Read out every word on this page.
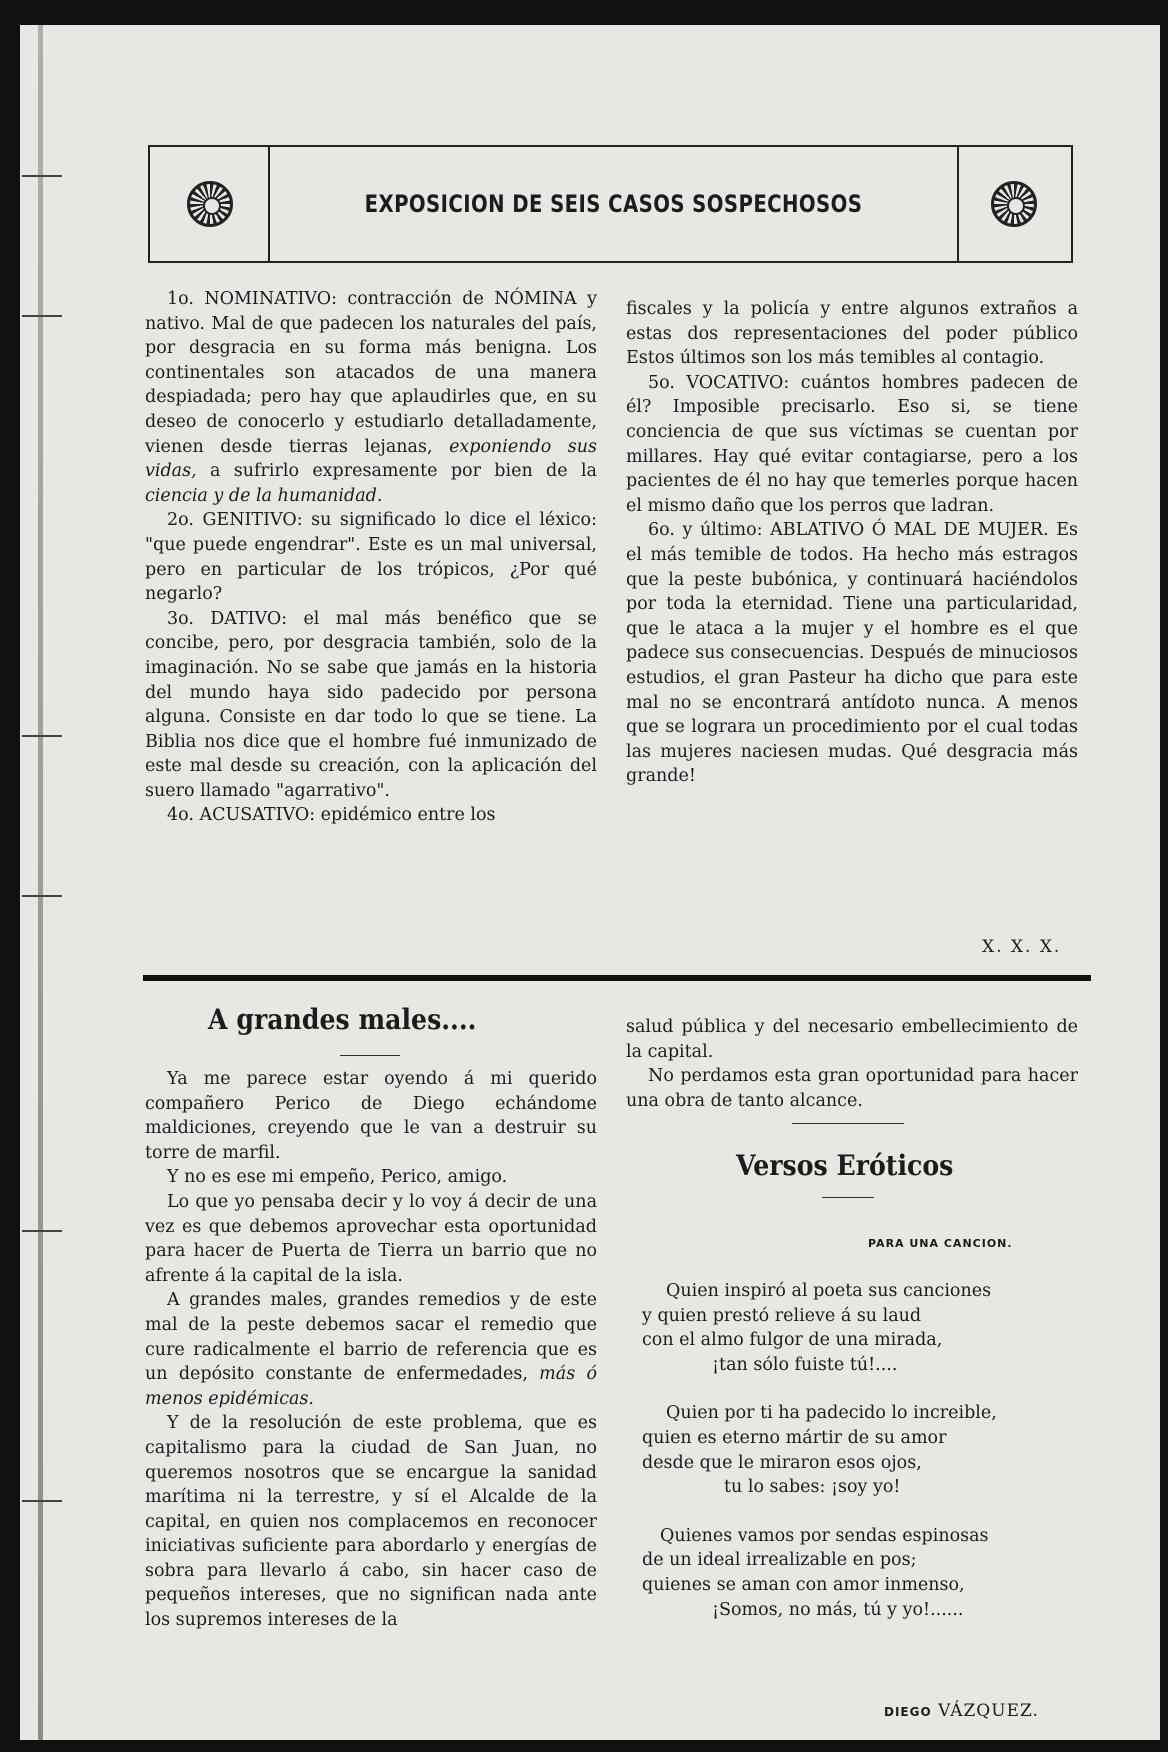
EXPOSICION DE SEIS CASOS SOSPECHOSOS

1o. NOMINATIVO: contracción de NÓMINA y nativo. Mal de que padecen los naturales del país, por desgracia en su forma más benigna. Los continentales son atacados de una manera despiadada; pero hay que aplaudirles que, en su deseo de conocerlo y estudiarlo detalladamente, vienen desde tierras lejanas, exponiendo sus vidas, a sufrirlo expresamente por bien de la ciencia y de la humanidad.

2o. GENITIVO: su significado lo dice el léxico: "que puede engendrar". Este es un mal universal, pero en particular de los trópicos, ¿Por qué negarlo?

3o. DATIVO: el mal más benéfico que se concibe, pero, por desgracia también, solo de la imaginación. No se sabe que jamás en la historia del mundo haya sido padecido por persona alguna. Consiste en dar todo lo que se tiene. La Biblia nos dice que el hombre fué inmunizado de este mal desde su creación, con la aplicación del suero llamado "agarrativo".

4o. ACUSATIVO: epidémico entre los

fiscales y la policía y entre algunos extraños a estas dos representaciones del poder público Estos últimos son los más temibles al contagio.

5o. VOCATIVO: cuántos hombres padecen de él? Imposible precisarlo. Eso si, se tiene conciencia de que sus víctimas se cuentan por millares. Hay qué evitar contagiarse, pero a los pacientes de él no hay que temerles porque hacen el mismo daño que los perros que ladran.

6o. y último: ABLATIVO Ó MAL DE MUJER. Es el más temible de todos. Ha hecho más estragos que la peste bubónica, y continuará haciéndolos por toda la eternidad. Tiene una particularidad, que le ataca a la mujer y el hombre es el que padece sus consecuencias. Después de minuciosos estudios, el gran Pasteur ha dicho que para este mal no se encontrará antídoto nunca. A menos que se lograra un procedimiento por el cual todas las mujeres naciesen mudas. Qué desgracia más grande!

X. X. X.
A grandes males....

Ya me parece estar oyendo á mi querido compañero Perico de Diego echándome maldiciones, creyendo que le van a destruir su torre de marfil.

Y no es ese mi empeño, Perico, amigo.

Lo que yo pensaba decir y lo voy á decir de una vez es que debemos aprovechar esta oportunidad para hacer de Puerta de Tierra un barrio que no afrente á la capital de la isla.

A grandes males, grandes remedios y de este mal de la peste debemos sacar el remedio que cure radicalmente el barrio de referencia que es un depósito constante de enfermedades, más ó menos epidémicas.

Y de la resolución de este problema, que es capitalismo para la ciudad de San Juan, no queremos nosotros que se encargue la sanidad marítima ni la terrestre, y sí el Alcalde de la capital, en quien nos complacemos en reconocer iniciativas suficiente para abordarlo y energías de sobra para llevarlo á cabo, sin hacer caso de pequeños intereses, que no significan nada ante los supremos intereses de la

salud pública y del necesario embellecimiento de la capital.

No perdamos esta gran oportunidad para hacer una obra de tanto alcance.

Versos Eróticos
PARA UNA CANCION.
Quien inspiró al poeta sus canciones
y quien prestó relieve á su laud
con el almo fulgor de una mirada,
¡tan sólo fuiste tú!....
Quien por ti ha padecido lo increible,
quien es eterno mártir de su amor
desde que le miraron esos ojos,
tu lo sabes: ¡soy yo!
Quienes vamos por sendas espinosas
de un ideal irrealizable en pos;
quienes se aman con amor inmenso,
¡Somos, no más, tú y yo!......
DIEGO VÁZQUEZ.
